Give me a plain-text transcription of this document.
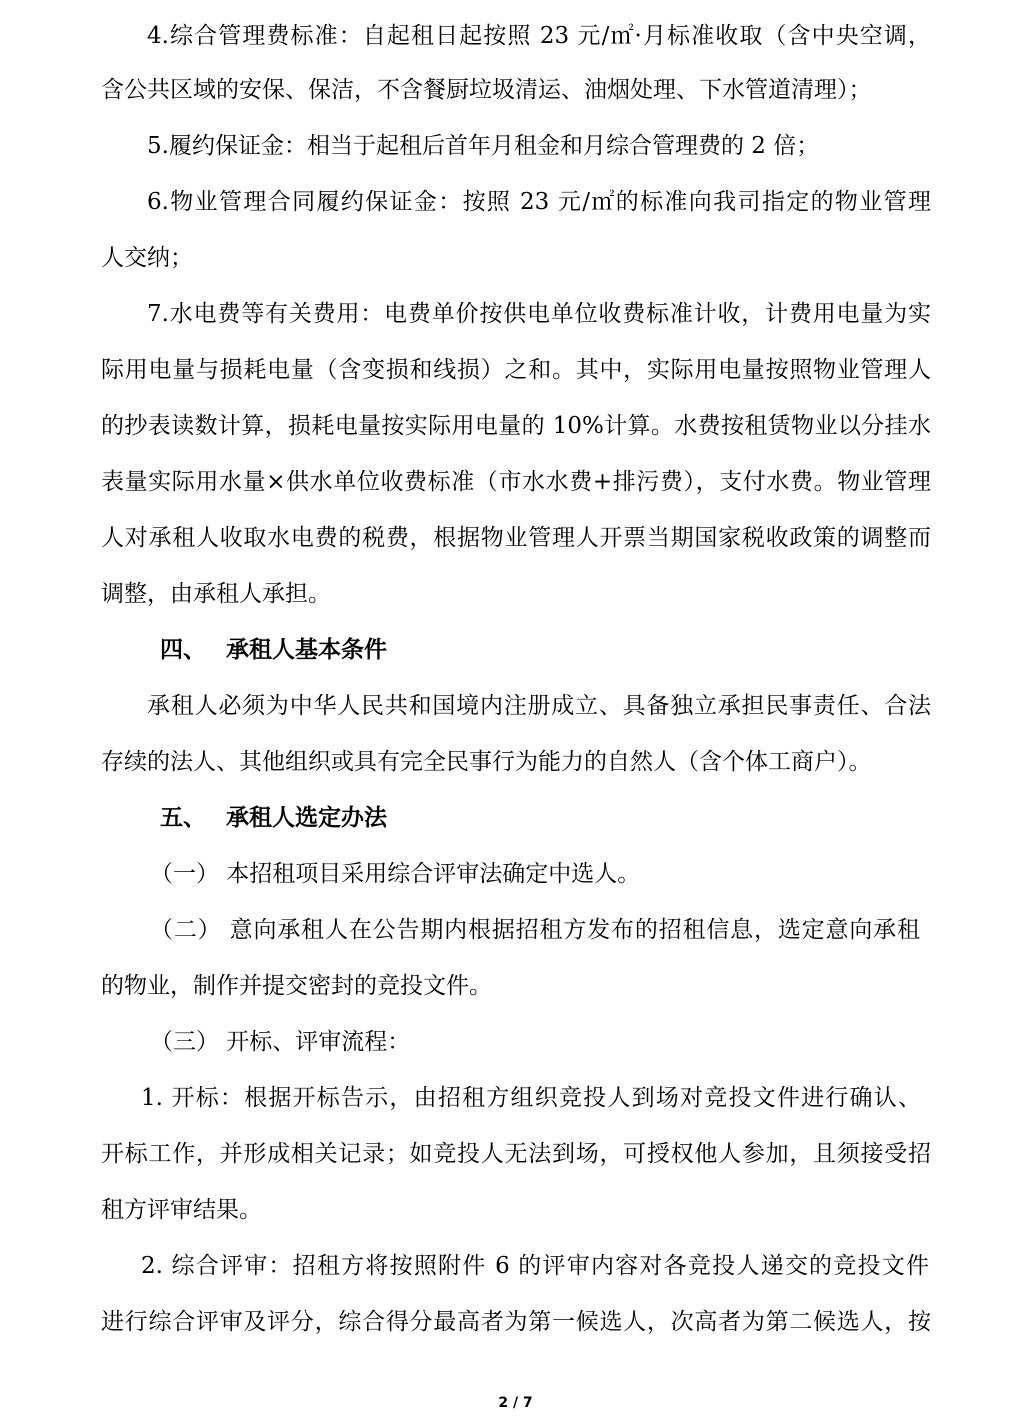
4.综合管理费标准：自起租日起按照 23 元/㎡·月标准收取（含中央空调，
含公共区域的安保、保洁，不含餐厨垃圾清运、油烟处理、下水管道清理）；
5.履约保证金：相当于起租后首年月租金和月综合管理费的 2 倍；
6.物业管理合同履约保证金：按照 23 元/㎡的标准向我司指定的物业管理
人交纳；
7.水电费等有关费用：电费单价按供电单位收费标准计收，计费用电量为实
际用电量与损耗电量（含变损和线损）之和。其中，实际用电量按照物业管理人
的抄表读数计算，损耗电量按实际用电量的 10%计算。水费按租赁物业以分挂水
表量实际用水量×供水单位收费标准（市水水费+排污费），支付水费。物业管理
人对承租人收取水电费的税费，根据物业管理人开票当期国家税收政策的调整而
调整，由承租人承担。
四、 承租人基本条件
承租人必须为中华人民共和国境内注册成立、具备独立承担民事责任、合法
存续的法人、其他组织或具有完全民事行为能力的自然人（含个体工商户）。
五、 承租人选定办法
（一） 本招租项目采用综合评审法确定中选人。
（二） 意向承租人在公告期内根据招租方发布的招租信息，选定意向承租
的物业，制作并提交密封的竞投文件。
（三） 开标、评审流程：
1. 开标：根据开标告示，由招租方组织竞投人到场对竞投文件进行确认、
开标工作，并形成相关记录；如竞投人无法到场，可授权他人参加，且须接受招
租方评审结果。
2. 综合评审：招租方将按照附件 6 的评审内容对各竞投人递交的竞投文件
进行综合评审及评分，综合得分最高者为第一候选人，次高者为第二候选人，按
2 / 7
